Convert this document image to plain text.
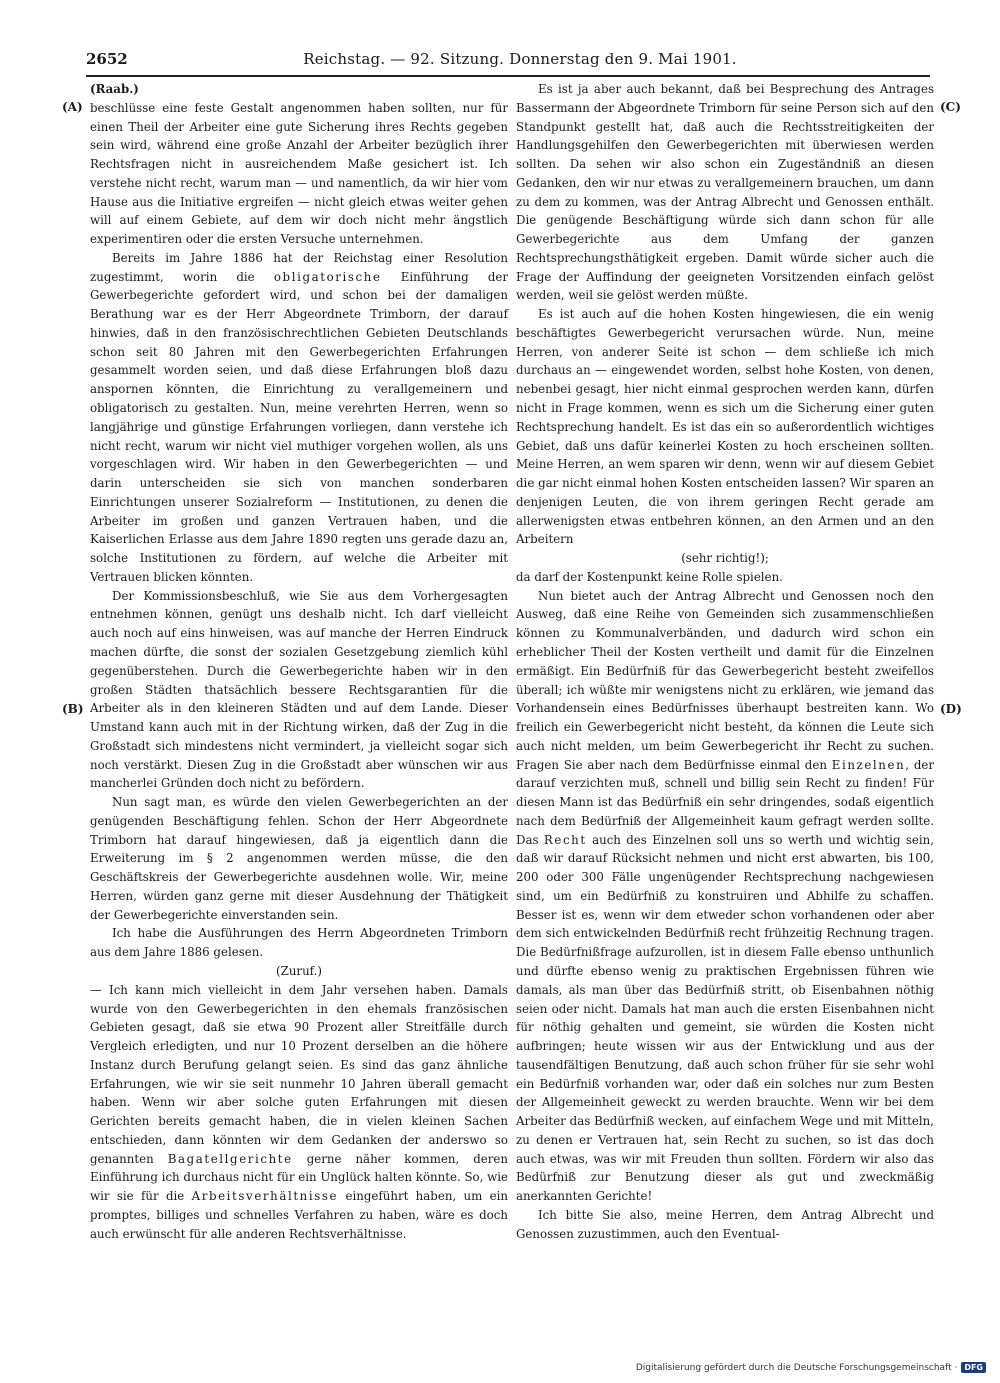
2652	Reichstag. — 92. Sitzung. Donnerstag den 9. Mai 1901.
(A)
(B)
(C)
(D)

(Raab.)

beschlüsse eine feste Gestalt angenommen haben sollten, nur für einen Theil der Arbeiter eine gute Sicherung ihres Rechts gegeben sein wird, während eine große Anzahl der Arbeiter bezüglich ihrer Rechtsfragen nicht in ausreichendem Maße gesichert ist. Ich verstehe nicht recht, warum man — und namentlich, da wir hier vom Hause aus die Initiative ergreifen — nicht gleich etwas weiter gehen will auf einem Gebiete, auf dem wir doch nicht mehr ängstlich experimentiren oder die ersten Versuche unternehmen.

Bereits im Jahre 1886 hat der Reichstag einer Resolution zugestimmt, worin die obligatorische Einführung der Gewerbegerichte gefordert wird, und schon bei der damaligen Berathung war es der Herr Abgeordnete Trimborn, der darauf hinwies, daß in den französischrechtlichen Gebieten Deutschlands schon seit 80 Jahren mit den Gewerbegerichten Erfahrungen gesammelt worden seien, und daß diese Erfahrungen bloß dazu anspornen könnten, die Einrichtung zu verallgemeinern und obligatorisch zu gestalten. Nun, meine verehrten Herren, wenn so langjährige und günstige Erfahrungen vorliegen, dann verstehe ich nicht recht, warum wir nicht viel muthiger vorgehen wollen, als uns vorgeschlagen wird. Wir haben in den Gewerbegerichten — und darin unterscheiden sie sich von manchen sonderbaren Einrichtungen unserer Sozialreform — Institutionen, zu denen die Arbeiter im großen und ganzen Vertrauen haben, und die Kaiserlichen Erlasse aus dem Jahre 1890 regten uns gerade dazu an, solche Institutionen zu fördern, auf welche die Arbeiter mit Vertrauen blicken könnten.

Der Kommissionsbeschluß, wie Sie aus dem Vorhergesagten entnehmen können, genügt uns deshalb nicht. Ich darf vielleicht auch noch auf eins hinweisen, was auf manche der Herren Eindruck machen dürfte, die sonst der sozialen Gesetzgebung ziemlich kühl gegenüberstehen. Durch die Gewerbegerichte haben wir in den großen Städten thatsächlich bessere Rechtsgarantien für die Arbeiter als in den kleineren Städten und auf dem Lande. Dieser Umstand kann auch mit in der Richtung wirken, daß der Zug in die Großstadt sich mindestens nicht vermindert, ja vielleicht sogar sich noch verstärkt. Diesen Zug in die Großstadt aber wünschen wir aus mancherlei Gründen doch nicht zu befördern.

Nun sagt man, es würde den vielen Gewerbegerichten an der genügenden Beschäftigung fehlen. Schon der Herr Abgeordnete Trimborn hat darauf hingewiesen, daß ja eigentlich dann die Erweiterung im § 2 angenommen werden müsse, die den Geschäftskreis der Gewerbegerichte ausdehnen wolle. Wir, meine Herren, würden ganz gerne mit dieser Ausdehnung der Thätigkeit der Gewerbegerichte einverstanden sein.

Ich habe die Ausführungen des Herrn Abgeordneten Trimborn aus dem Jahre 1886 gelesen.

(Zuruf.)

— Ich kann mich vielleicht in dem Jahr versehen haben. Damals wurde von den Gewerbegerichten in den ehemals französischen Gebieten gesagt, daß sie etwa 90 Prozent aller Streitfälle durch Vergleich erledigten, und nur 10 Prozent derselben an die höhere Instanz durch Berufung gelangt seien. Es sind das ganz ähnliche Erfahrungen, wie wir sie seit nunmehr 10 Jahren überall gemacht haben. Wenn wir aber solche guten Erfahrungen mit diesen Gerichten bereits gemacht haben, die in vielen kleinen Sachen entschieden, dann könnten wir dem Gedanken der anderswo so genannten Bagatellgerichte gerne näher kommen, deren Einführung ich durchaus nicht für ein Unglück halten könnte. So, wie wir sie für die Arbeitsverhältnisse eingeführt haben, um ein promptes, billiges und schnelles Verfahren zu haben, wäre es doch auch erwünscht für alle anderen Rechtsverhältnisse.

Es ist ja aber auch bekannt, daß bei Besprechung des Antrages Bassermann der Abgeordnete Trimborn für seine Person sich auf den Standpunkt gestellt hat, daß auch die Rechtsstreitigkeiten der Handlungsgehilfen den Gewerbegerichten mit überwiesen werden sollten. Da sehen wir also schon ein Zugeständniß an diesen Gedanken, den wir nur etwas zu verallgemeinern brauchen, um dann zu dem zu kommen, was der Antrag Albrecht und Genossen enthält. Die genügende Beschäftigung würde sich dann schon für alle Gewerbegerichte aus dem Umfang der ganzen Rechtsprechungsthätigkeit ergeben. Damit würde sicher auch die Frage der Auffindung der geeigneten Vorsitzenden einfach gelöst werden, weil sie gelöst werden müßte.

Es ist auch auf die hohen Kosten hingewiesen, die ein wenig beschäftigtes Gewerbegericht verursachen würde. Nun, meine Herren, von anderer Seite ist schon — dem schließe ich mich durchaus an — eingewendet worden, selbst hohe Kosten, von denen, nebenbei gesagt, hier nicht einmal gesprochen werden kann, dürfen nicht in Frage kommen, wenn es sich um die Sicherung einer guten Rechtsprechung handelt. Es ist das ein so außerordentlich wichtiges Gebiet, daß uns dafür keinerlei Kosten zu hoch erscheinen sollten. Meine Herren, an wem sparen wir denn, wenn wir auf diesem Gebiet die gar nicht einmal hohen Kosten entscheiden lassen? Wir sparen an denjenigen Leuten, die von ihrem geringen Recht gerade am allerwenigsten etwas entbehren können, an den Armen und an den Arbeitern

(sehr richtig!);

da darf der Kostenpunkt keine Rolle spielen.

Nun bietet auch der Antrag Albrecht und Genossen noch den Ausweg, daß eine Reihe von Gemeinden sich zusammenschließen können zu Kommunalverbänden, und dadurch wird schon ein erheblicher Theil der Kosten vertheilt und damit für die Einzelnen ermäßigt. Ein Bedürfniß für das Gewerbegericht besteht zweifellos überall; ich wüßte mir wenigstens nicht zu erklären, wie jemand das Vorhandensein eines Bedürfnisses überhaupt bestreiten kann. Wo freilich ein Gewerbegericht nicht besteht, da können die Leute sich auch nicht melden, um beim Gewerbegericht ihr Recht zu suchen. Fragen Sie aber nach dem Bedürfnisse einmal den Einzelnen, der darauf verzichten muß, schnell und billig sein Recht zu finden! Für diesen Mann ist das Bedürfniß ein sehr dringendes, sodaß eigentlich nach dem Bedürfniß der Allgemeinheit kaum gefragt werden sollte. Das Recht auch des Einzelnen soll uns so werth und wichtig sein, daß wir darauf Rücksicht nehmen und nicht erst abwarten, bis 100, 200 oder 300 Fälle ungenügender Rechtsprechung nachgewiesen sind, um ein Bedürfniß zu konstruiren und Abhilfe zu schaffen. Besser ist es, wenn wir dem etweder schon vorhandenen oder aber dem sich entwickelnden Bedürfniß recht frühzeitig Rechnung tragen. Die Bedürfnißfrage aufzurollen, ist in diesem Falle ebenso unthunlich und dürfte ebenso wenig zu praktischen Ergebnissen führen wie damals, als man über das Bedürfniß stritt, ob Eisenbahnen nöthig seien oder nicht. Damals hat man auch die ersten Eisenbahnen nicht für nöthig gehalten und gemeint, sie würden die Kosten nicht aufbringen; heute wissen wir aus der Entwicklung und aus der tausendfältigen Benutzung, daß auch schon früher für sie sehr wohl ein Bedürfniß vorhanden war, oder daß ein solches nur zum Besten der Allgemeinheit geweckt zu werden brauchte. Wenn wir bei dem Arbeiter das Bedürfniß wecken, auf einfachem Wege und mit Mitteln, zu denen er Vertrauen hat, sein Recht zu suchen, so ist das doch auch etwas, was wir mit Freuden thun sollten. Fördern wir also das Bedürfniß zur Benutzung dieser als gut und zweckmäßig anerkannten Gerichte!

Ich bitte Sie also, meine Herren, dem Antrag Albrecht und Genossen zuzustimmen, auch den Eventual-

Digitalisierung gefördert durch die Deutsche Forschungsgemeinschaft · DFG
